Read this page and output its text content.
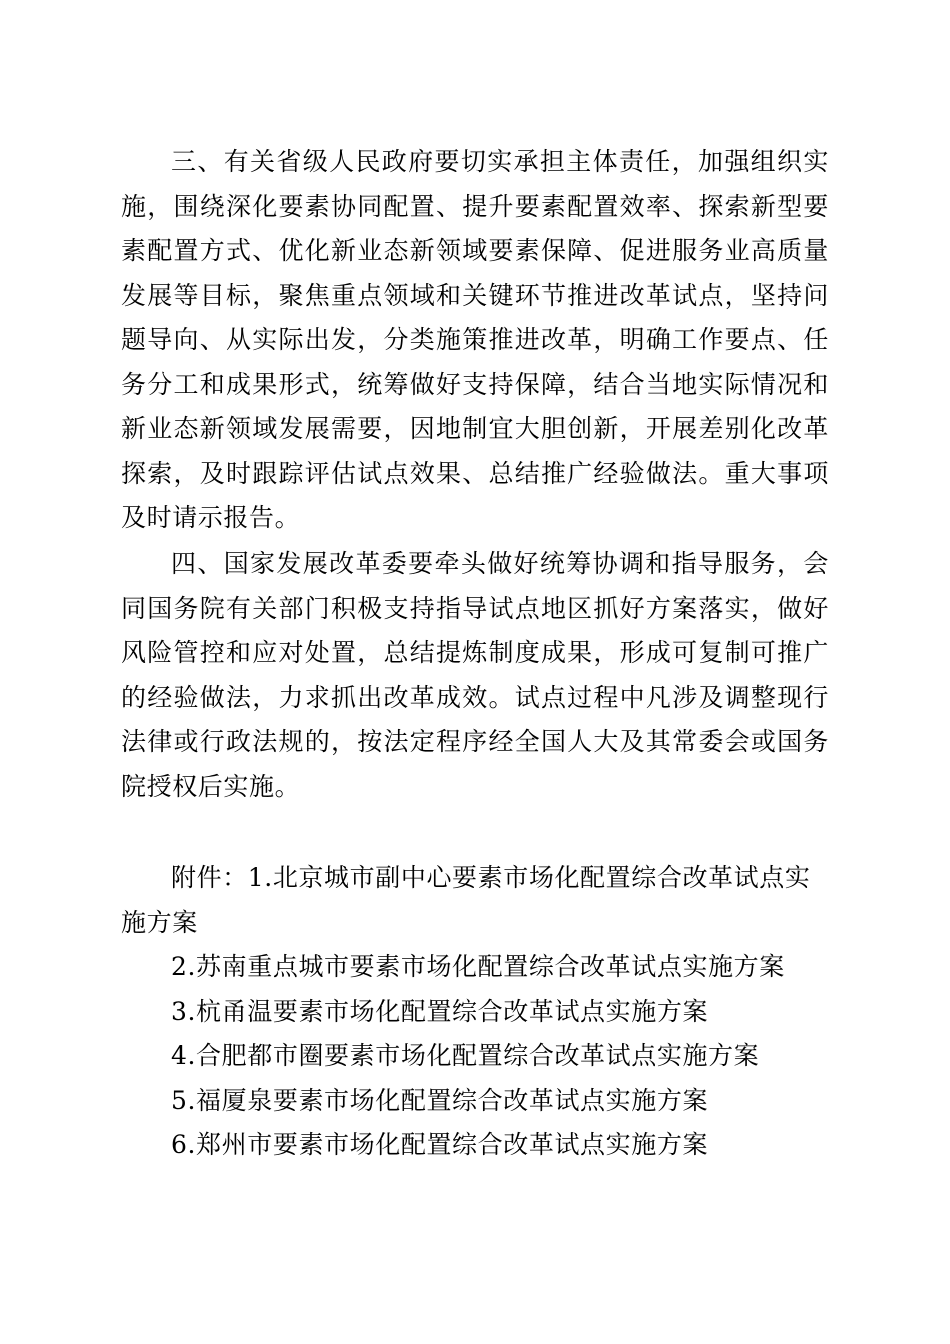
三、有关省级人民政府要切实承担主体责任，加强组织实施，围绕深化要素协同配置、提升要素配置效率、探索新型要素配置方式、优化新业态新领域要素保障、促进服务业高质量发展等目标，聚焦重点领域和关键环节推进改革试点，坚持问题导向、从实际出发，分类施策推进改革，明确工作要点、任务分工和成果形式，统筹做好支持保障，结合当地实际情况和新业态新领域发展需要，因地制宜大胆创新，开展差别化改革探索，及时跟踪评估试点效果、总结推广经验做法。重大事项及时请示报告。

四、国家发展改革委要牵头做好统筹协调和指导服务，会同国务院有关部门积极支持指导试点地区抓好方案落实，做好风险管控和应对处置，总结提炼制度成果，形成可复制可推广的经验做法，力求抓出改革成效。试点过程中凡涉及调整现行法律或行政法规的，按法定程序经全国人大及其常委会或国务院授权后实施。

附件：1.北京城市副中心要素市场化配置综合改革试点实施方案

2.苏南重点城市要素市场化配置综合改革试点实施方案
3.杭甬温要素市场化配置综合改革试点实施方案
4.合肥都市圈要素市场化配置综合改革试点实施方案
5.福厦泉要素市场化配置综合改革试点实施方案
6.郑州市要素市场化配置综合改革试点实施方案
